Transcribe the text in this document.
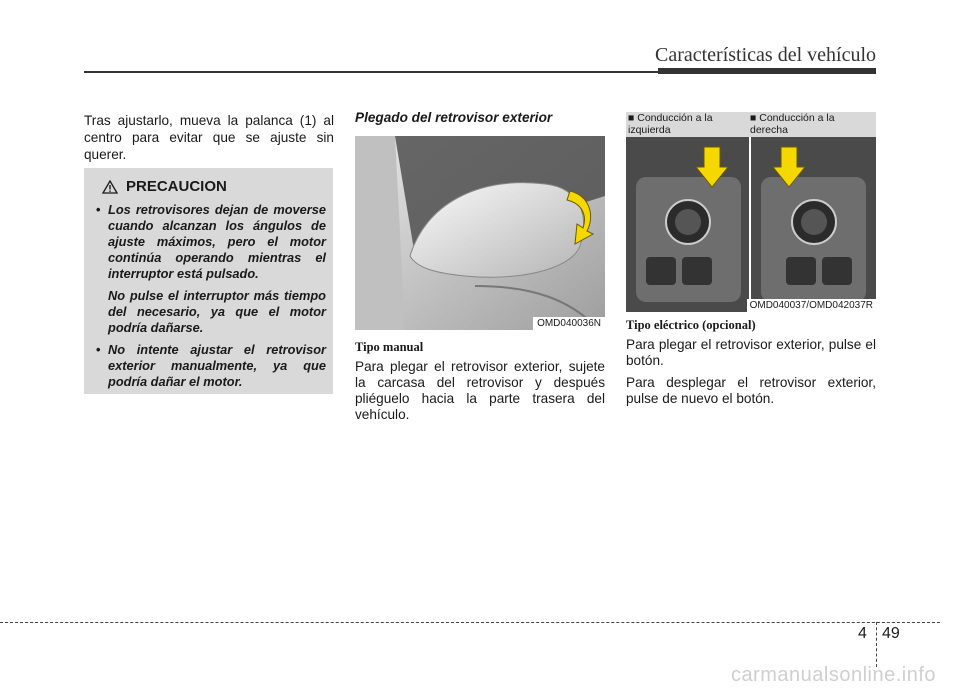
Características del vehículo

Tras ajustarlo, mueva la palanca (1) al centro para evitar que se ajuste sin querer.

PRECAUCION
• Los retrovisores dejan de moverse cuando alcanzan los ángulos de ajuste máximos, pero el motor continúa operando mientras el interruptor está pulsado.
No pulse el interruptor más tiempo del necesario, ya que el motor podría dañarse.
• No intente ajustar el retrovisor exterior manualmente, ya que podría dañar el motor.

Plegado del retrovisor exterior

OMD040036N

Tipo manual

Para plegar el retrovisor exterior, sujete la carcasa del retrovisor y después pliéguelo hacia la parte trasera del vehículo.

■ Conducción a la izquierda
■ Conducción a la derecha
OMD040037/OMD042037R

Tipo eléctrico (opcional)

Para plegar el retrovisor exterior, pulse el botón.

Para desplegar el retrovisor exterior, pulse de nuevo el botón.

4 49
carmanualsonline.info
